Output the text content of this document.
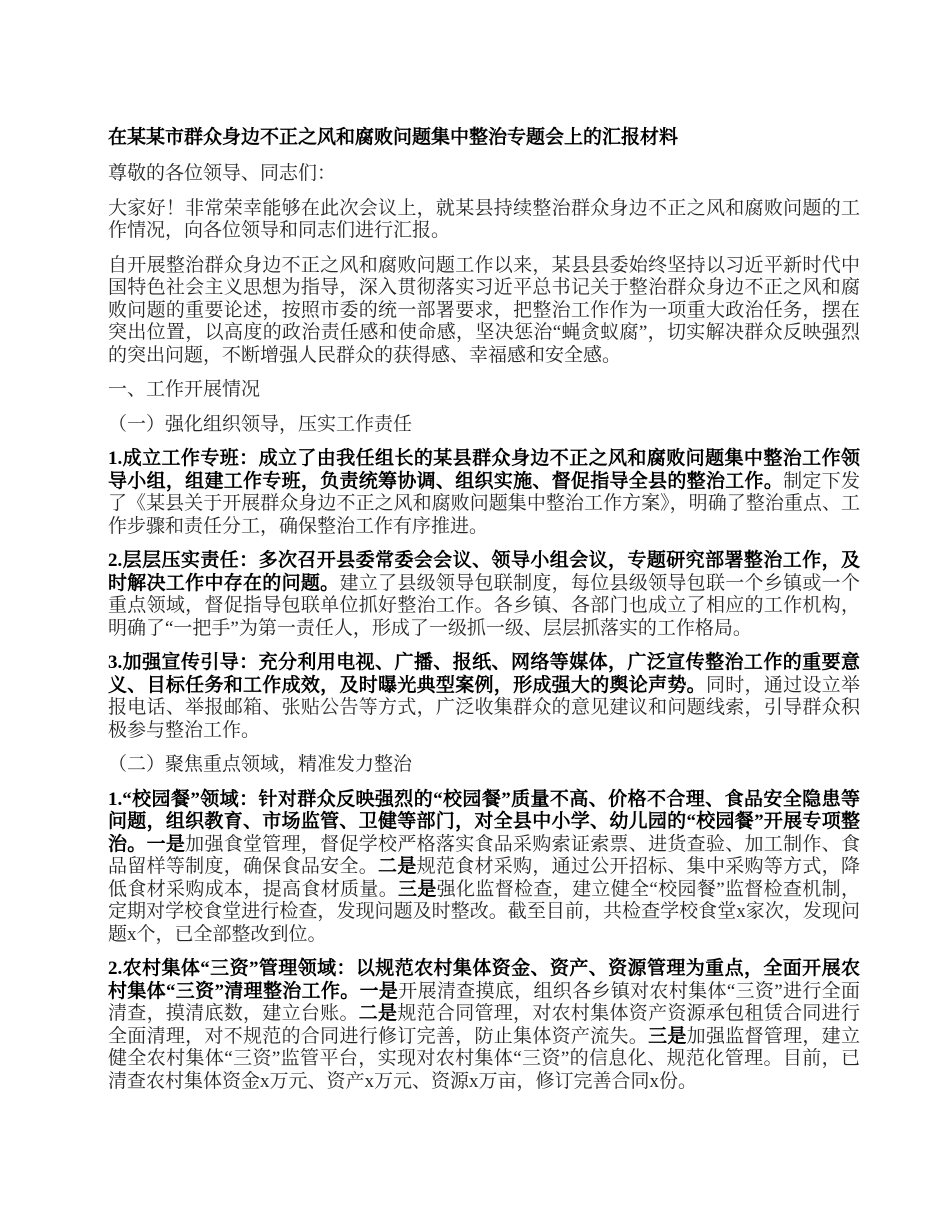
在某某市群众身边不正之风和腐败问题集中整治专题会上的汇报材料

尊敬的各位领导、同志们：

大家好！非常荣幸能够在此次会议上，就某县持续整治群众身边不正之风和腐败问题的工作情况，向各位领导和同志们进行汇报。

自开展整治群众身边不正之风和腐败问题工作以来，某县县委始终坚持以习近平新时代中国特色社会主义思想为指导，深入贯彻落实习近平总书记关于整治群众身边不正之风和腐败问题的重要论述，按照市委的统一部署要求，把整治工作作为一项重大政治任务，摆在突出位置，以高度的政治责任感和使命感，坚决惩治“蝇贪蚁腐”，切实解决群众反映强烈的突出问题，不断增强人民群众的获得感、幸福感和安全感。

一、工作开展情况

（一）强化组织领导，压实工作责任

1.成立工作专班：成立了由我任组长的某县群众身边不正之风和腐败问题集中整治工作领导小组，组建工作专班，负责统筹协调、组织实施、督促指导全县的整治工作。制定下发了《某县关于开展群众身边不正之风和腐败问题集中整治工作方案》，明确了整治重点、工作步骤和责任分工，确保整治工作有序推进。

2.层层压实责任：多次召开县委常委会会议、领导小组会议，专题研究部署整治工作，及时解决工作中存在的问题。建立了县级领导包联制度，每位县级领导包联一个乡镇或一个重点领域，督促指导包联单位抓好整治工作。各乡镇、各部门也成立了相应的工作机构，明确了“一把手”为第一责任人，形成了一级抓一级、层层抓落实的工作格局。

3.加强宣传引导：充分利用电视、广播、报纸、网络等媒体，广泛宣传整治工作的重要意义、目标任务和工作成效，及时曝光典型案例，形成强大的舆论声势。同时，通过设立举报电话、举报邮箱、张贴公告等方式，广泛收集群众的意见建议和问题线索，引导群众积极参与整治工作。

（二）聚焦重点领域，精准发力整治

1.“校园餐”领域：针对群众反映强烈的“校园餐”质量不高、价格不合理、食品安全隐患等问题，组织教育、市场监管、卫健等部门，对全县中小学、幼儿园的“校园餐”开展专项整治。一是加强食堂管理，督促学校严格落实食品采购索证索票、进货查验、加工制作、食品留样等制度，确保食品安全。二是规范食材采购，通过公开招标、集中采购等方式，降低食材采购成本，提高食材质量。三是强化监督检查，建立健全“校园餐”监督检查机制，定期对学校食堂进行检查，发现问题及时整改。截至目前，共检查学校食堂x家次，发现问题x个，已全部整改到位。

2.农村集体“三资”管理领域：以规范农村集体资金、资产、资源管理为重点，全面开展农村集体“三资”清理整治工作。一是开展清查摸底，组织各乡镇对农村集体“三资”进行全面清查，摸清底数，建立台账。二是规范合同管理，对农村集体资产资源承包租赁合同进行全面清理，对不规范的合同进行修订完善，防止集体资产流失。三是加强监督管理，建立健全农村集体“三资”监管平台，实现对农村集体“三资”的信息化、规范化管理。目前，已清查农村集体资金x万元、资产x万元、资源x万亩，修订完善合同x份。
